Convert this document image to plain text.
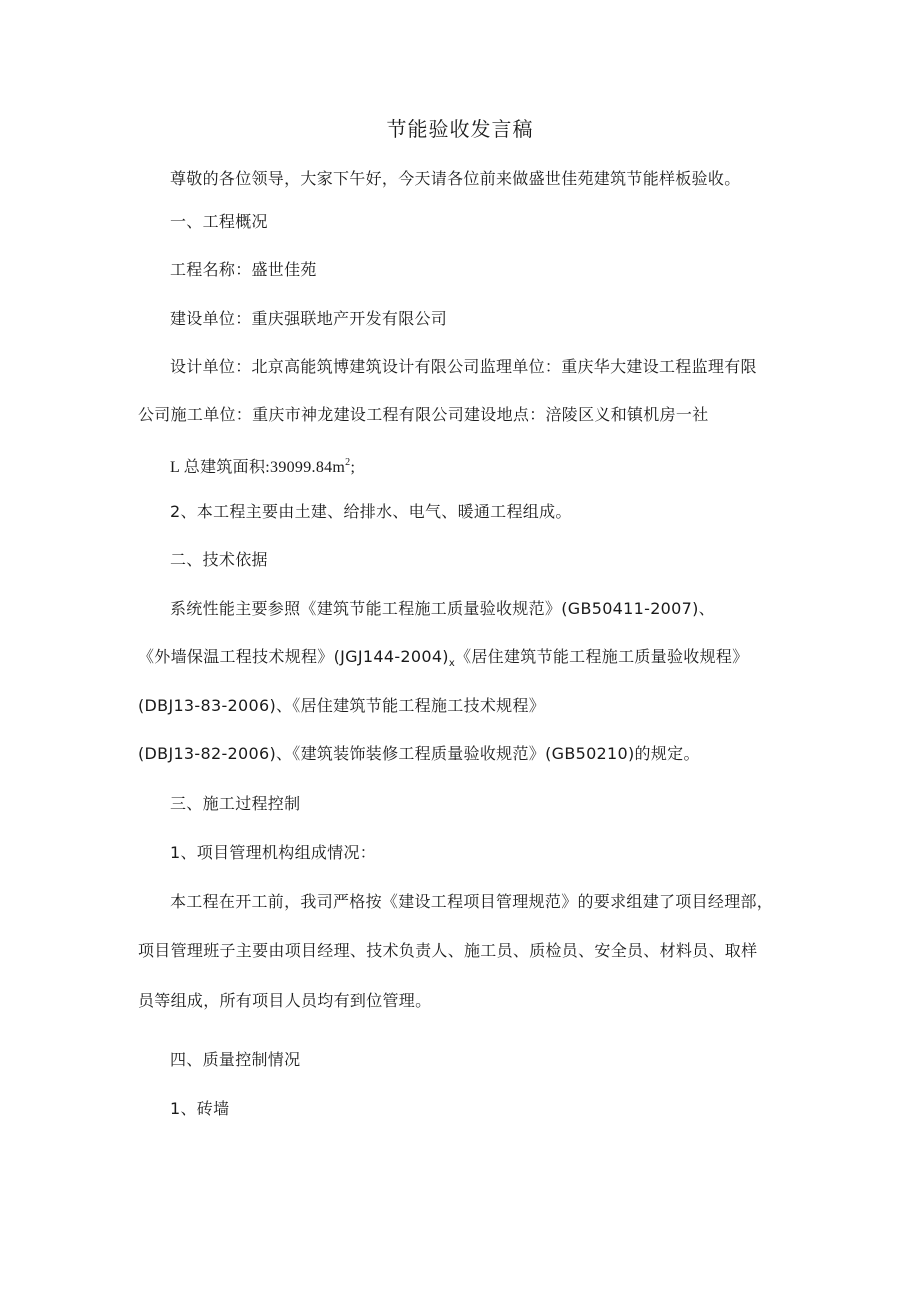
节能验收发言稿
尊敬的各位领导，大家下午好，今天请各位前来做盛世佳苑建筑节能样板验收。
一、工程概况
工程名称：盛世佳苑
建设单位：重庆强联地产开发有限公司
设计单位：北京高能筑博建筑设计有限公司监理单位：重庆华大建设工程监理有限
公司施工单位：重庆市神龙建设工程有限公司建设地点：涪陵区义和镇机房一社
L 总建筑面积$:39099.84m^2$;
2、本工程主要由土建、给排水、电气、暖通工程组成。
二、技术依据
系统性能主要参照《建筑节能工程施工质量验收规范》(GB50411-2007)、
《外墙保温工程技术规程》$(JGJ144-2004)_x$《居住建筑节能工程施工质量验收规程》
(DBJ13-83-2006)、《居住建筑节能工程施工技术规程》
(DBJ13-82-2006)、《建筑装饰装修工程质量验收规范》(GB50210)的规定。
三、施工过程控制
1、项目管理机构组成情况：
本工程在开工前，我司严格按《建设工程项目管理规范》的要求组建了项目经理部，
项目管理班子主要由项目经理、技术负责人、施工员、质检员、安全员、材料员、取样
员等组成，所有项目人员均有到位管理。
四、质量控制情况
1、砖墙
